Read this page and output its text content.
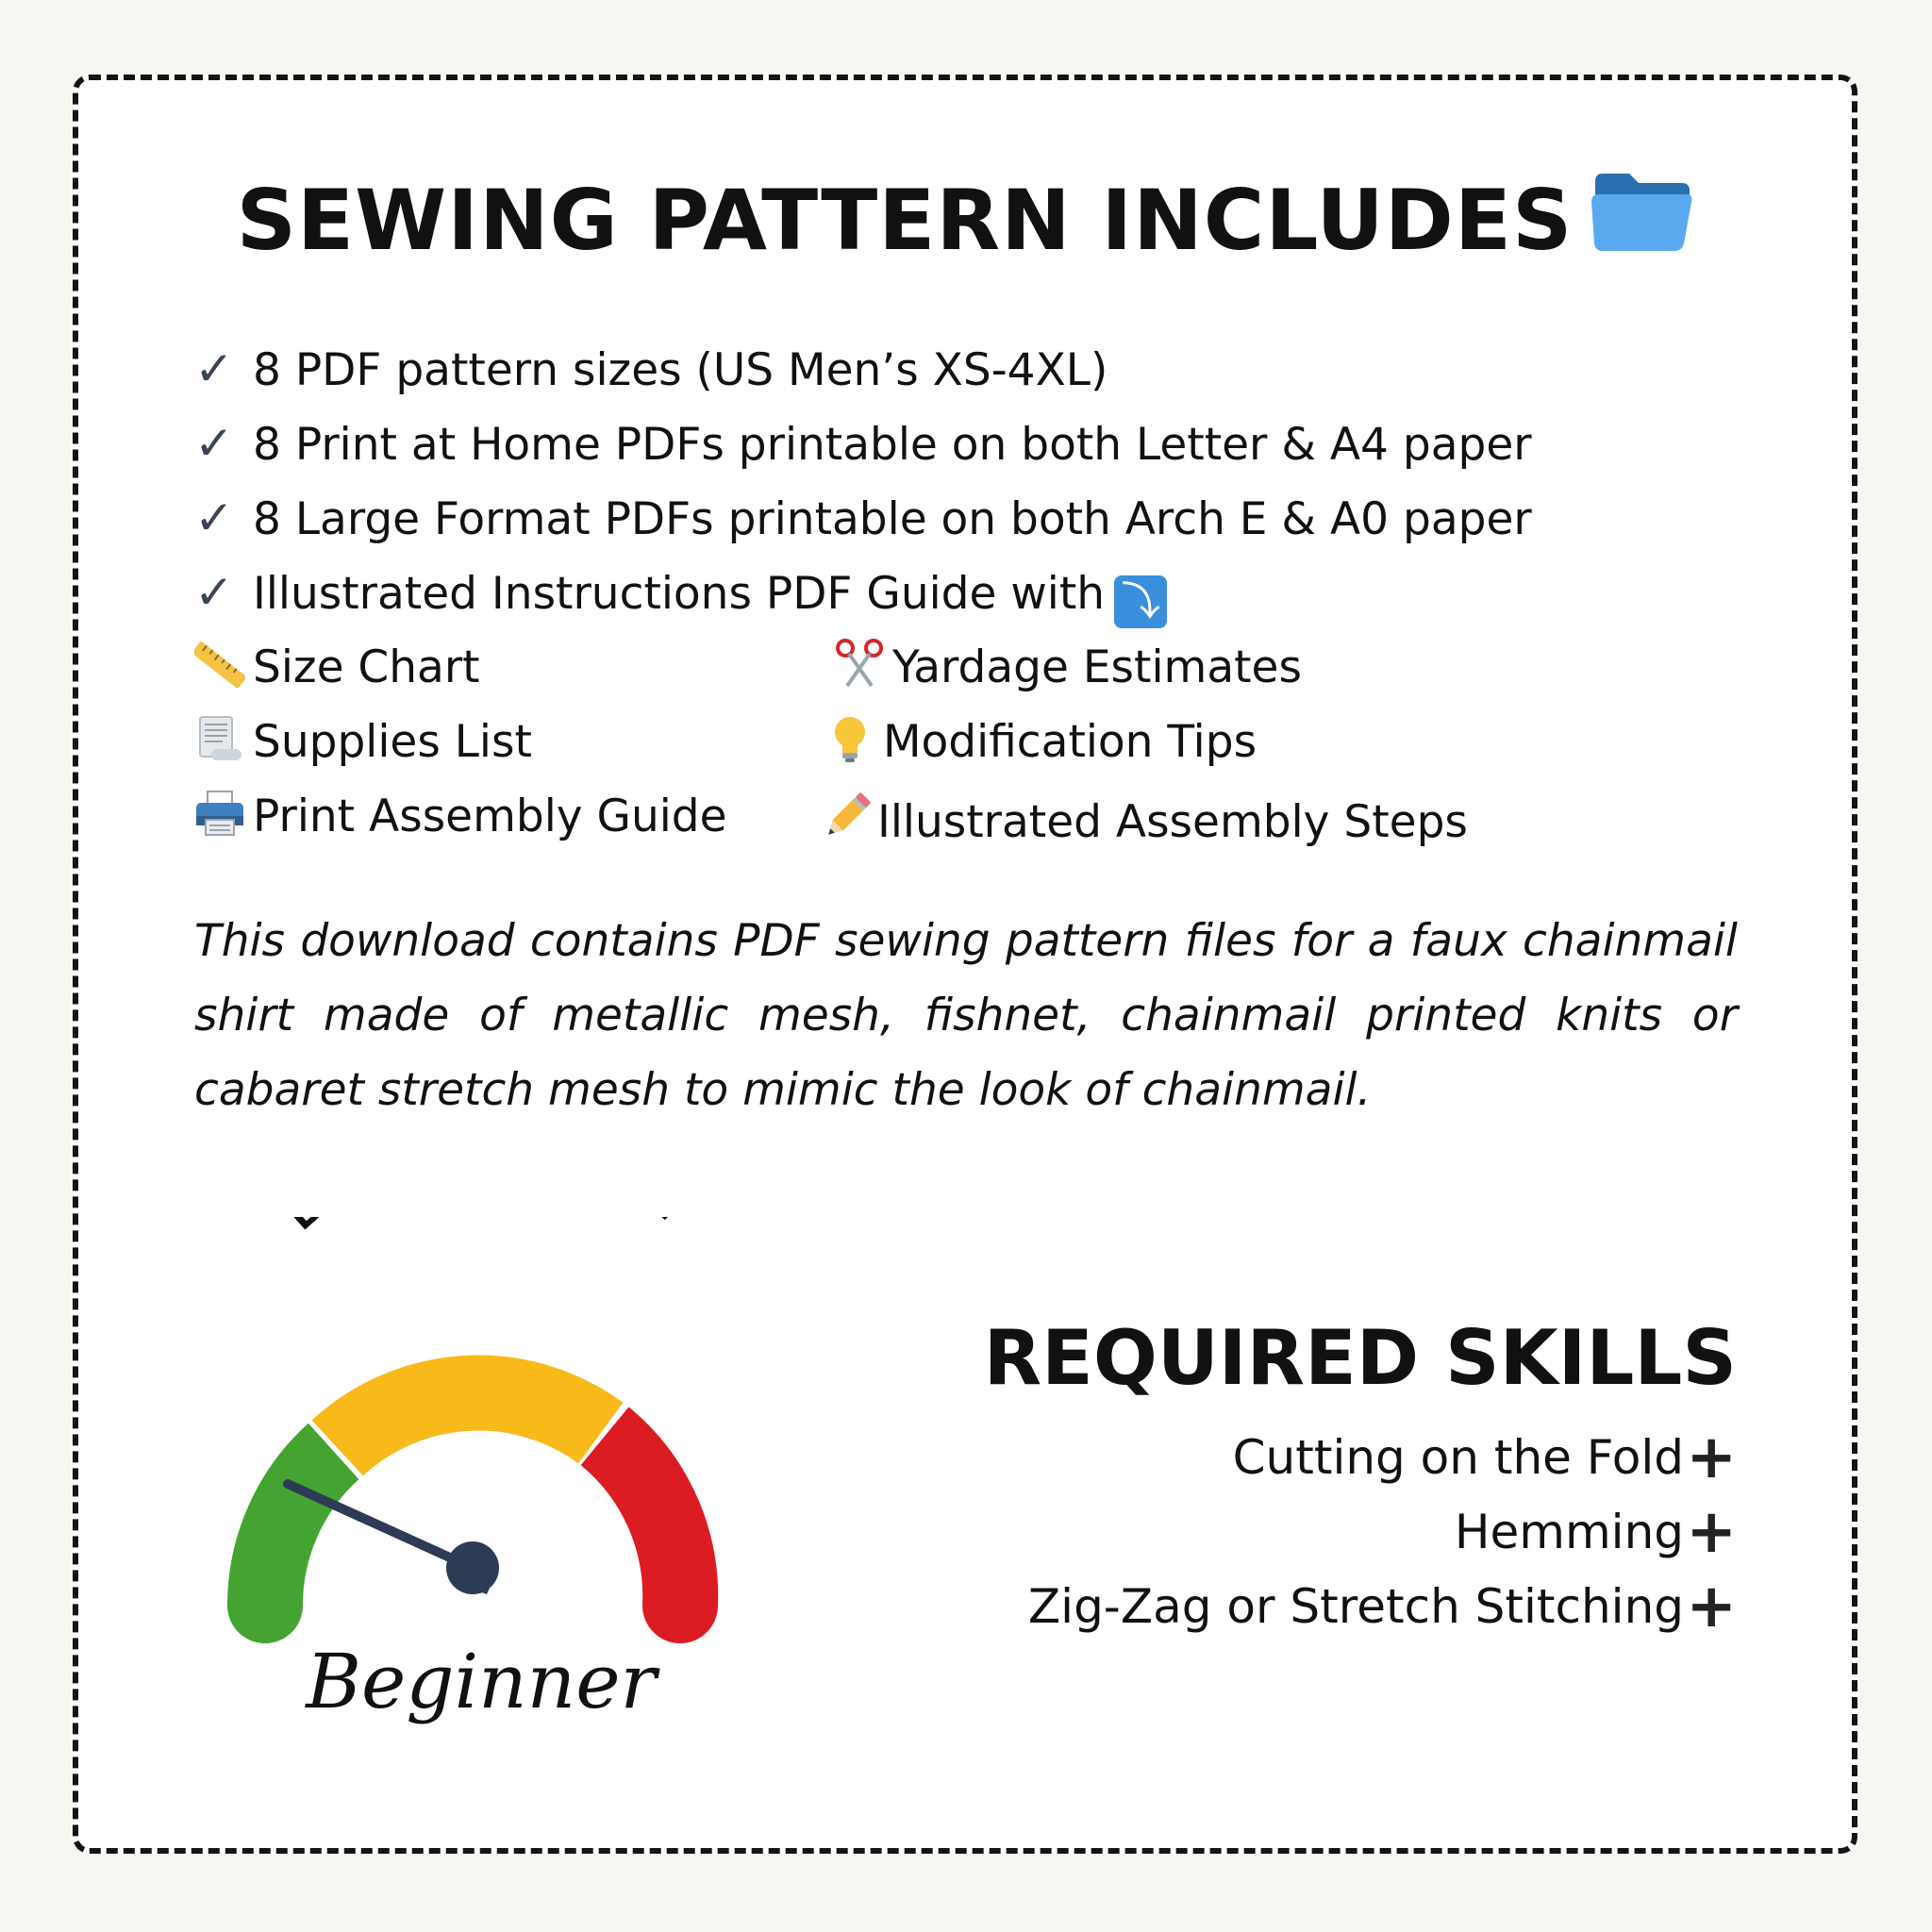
SEWING PATTERN INCLUDES
✓ 8 PDF pattern sizes (US Men’s XS-4XL)
✓ 8 Print at Home PDFs printable on both Letter & A4 paper
✓ 8 Large Format PDFs printable on both Arch E & A0 paper
✓ Illustrated Instructions PDF Guide with ⤵
Size Chart	Yardage Estimates
Supplies List	Modification Tips
Print Assembly Guide	Illustrated Assembly Steps
This download contains PDF sewing pattern files for a faux chainmail shirt made of metallic mesh, fishnet, chainmail printed knits or cabaret stretch mesh to mimic the look of chainmail.
Beginner
REQUIRED SKILLS
Cutting on the Fold+
Hemming+
Zig-Zag or Stretch Stitching+
